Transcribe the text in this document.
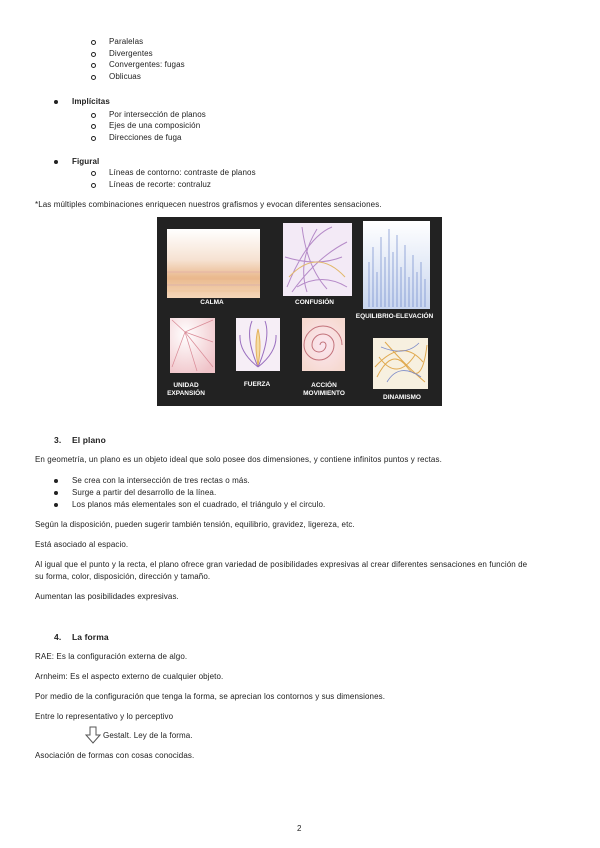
Paralelas
Divergentes
Convergentes: fugas
Oblicuas
Implícitas
Por intersección de planos
Ejes de una composición
Direcciones de fuga
Figural
Líneas de contorno: contraste de planos
Líneas de recorte: contraluz
*Las múltiples combinaciones enriquecen nuestros grafismos y evocan diferentes sensaciones.
CALMA	CONFUSIÓN
EQUILIBRIO-ELEVACIÓN
UNIDAD EXPANSIÓN
FUERZA	ACCIÓN MOVIMIENTO
DINAMISMO
3. El plano
En geometría, un plano es un objeto ideal que solo posee dos dimensiones, y contiene infinitos puntos y rectas.
Se crea con la intersección de tres rectas o más.
Surge a partir del desarrollo de la línea.
Los planos más elementales son el cuadrado, el triángulo y el circulo.
Según la disposición, pueden sugerir también tensión, equilibrio, gravidez, ligereza, etc.
Está asociado al espacio.
Al igual que el punto y la recta, el plano ofrece gran variedad de posibilidades expresivas al crear diferentes sensaciones en función de
su forma, color, disposición, dirección y tamaño.
Aumentan las posibilidades expresivas.
4. La forma
RAE: Es la configuración externa de algo.
Arnheim: Es el aspecto externo de cualquier objeto.
Por medio de la configuración que tenga la forma, se aprecian los contornos y sus dimensiones.
Entre lo representativo y lo perceptivo
Gestalt. Ley de la forma.
Asociación de formas con cosas conocidas.
2
